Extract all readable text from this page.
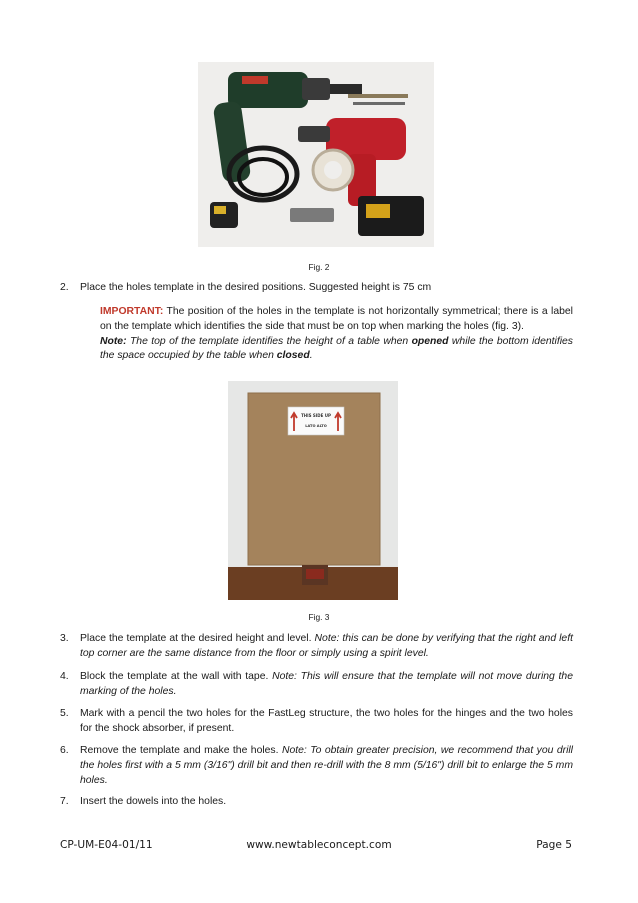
Fig. 2
2. Place the holes template in the desired positions. Suggested height is 75 cm
IMPORTANT: The position of the holes in the template is not horizontally symmetrical; there is a label on the template which identifies the side that must be on top when marking the holes (fig. 3).
Note: The top of the template identifies the height of a table when opened while the bottom identifies the space occupied by the table when closed.
THIS SIDE UP
LATO ALTO
Fig. 3
3. Place the template at the desired height and level. Note: this can be done by verifying that the right and left top corner are the same distance from the floor or simply using a spirit level.
4. Block the template at the wall with tape. Note: This will ensure that the template will not move during the marking of the holes.
5. Mark with a pencil the two holes for the FastLeg structure, the two holes for the hinges and the two holes for the shock absorber, if present.
6. Remove the template and make the holes. Note: To obtain greater precision, we recommend that you drill the holes first with a 5 mm (3/16") drill bit and then re-drill with the 8 mm (5/16") drill bit to enlarge the 5 mm holes.
7. Insert the dowels into the holes.
CP-UM-E04-01/11	www.newtableconcept.com	Page 5
